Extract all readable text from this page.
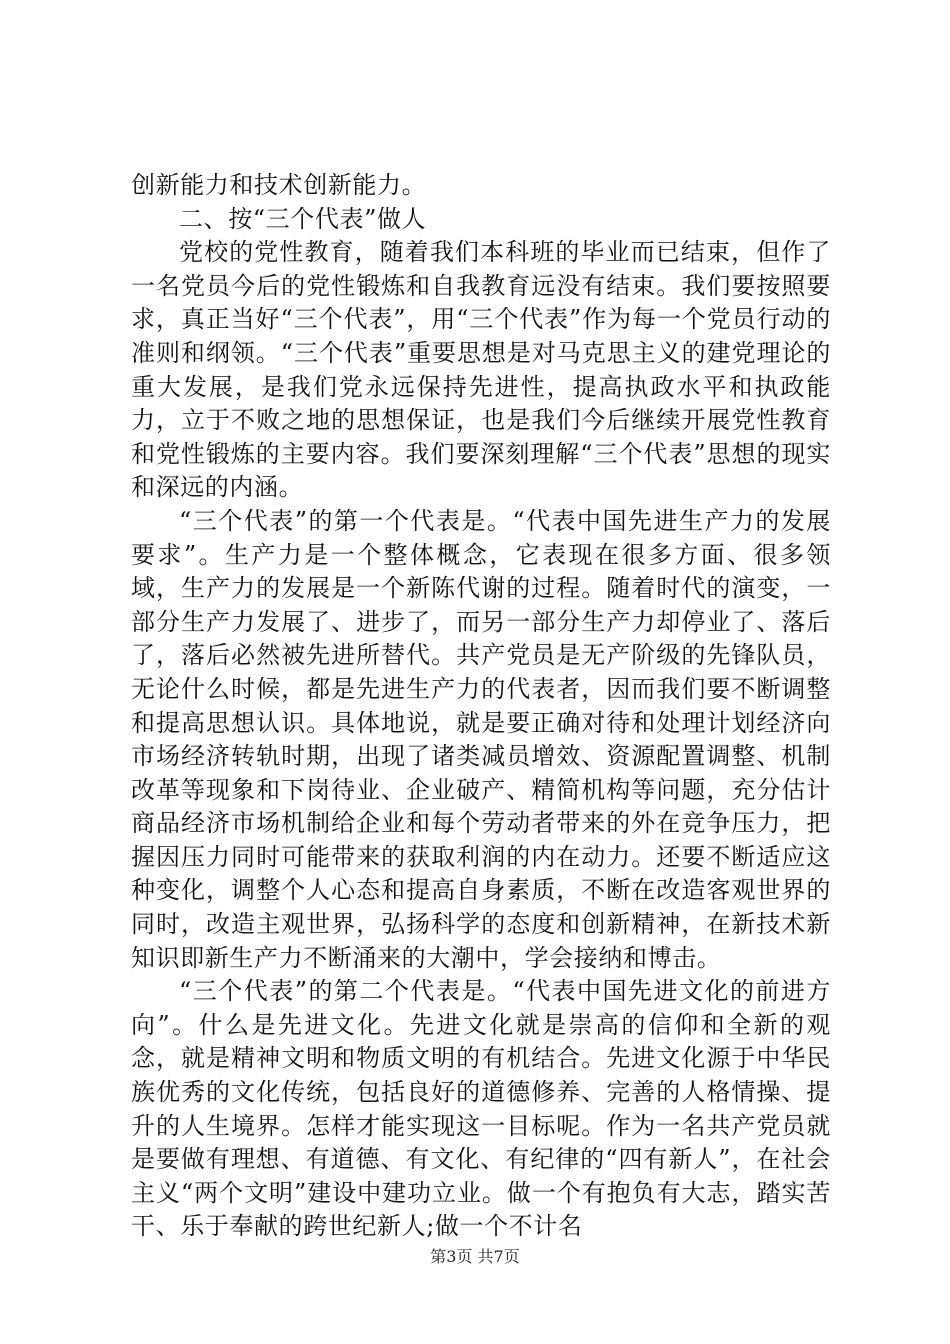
创新能力和技术创新能力。

二、按“三个代表”做人

党校的党性教育，随着我们本科班的毕业而已结束，但作了一名党员今后的党性锻炼和自我教育远没有结束。我们要按照要求，真正当好“三个代表”，用“三个代表”作为每一个党员行动的准则和纲领。“三个代表”重要思想是对马克思主义的建党理论的重大发展，是我们党永远保持先进性，提高执政水平和执政能力，立于不败之地的思想保证，也是我们今后继续开展党性教育和党性锻炼的主要内容。我们要深刻理解“三个代表”思想的现实和深远的内涵。

“三个代表”的第一个代表是。“代表中国先进生产力的发展要求”。生产力是一个整体概念，它表现在很多方面、很多领域，生产力的发展是一个新陈代谢的过程。随着时代的演变，一部分生产力发展了、进步了，而另一部分生产力却停业了、落后了，落后必然被先进所替代。共产党员是无产阶级的先锋队员，无论什么时候，都是先进生产力的代表者，因而我们要不断调整和提高思想认识。具体地说，就是要正确对待和处理计划经济向市场经济转轨时期，出现了诸类减员增效、资源配置调整、机制改革等现象和下岗待业、企业破产、精简机构等问题，充分估计商品经济市场机制给企业和每个劳动者带来的外在竞争压力，把握因压力同时可能带来的获取利润的内在动力。还要不断适应这种变化，调整个人心态和提高自身素质，不断在改造客观世界的同时，改造主观世界，弘扬科学的态度和创新精神，在新技术新知识即新生产力不断涌来的大潮中，学会接纳和博击。

“三个代表”的第二个代表是。“代表中国先进文化的前进方向”。什么是先进文化。先进文化就是崇高的信仰和全新的观念，就是精神文明和物质文明的有机结合。先进文化源于中华民族优秀的文化传统，包括良好的道德修养、完善的人格情操、提升的人生境界。怎样才能实现这一目标呢。作为一名共产党员就是要做有理想、有道德、有文化、有纪律的“四有新人”，在社会主义“两个文明”建设中建功立业。做一个有抱负有大志，踏实苦干、乐于奉献的跨世纪新人;做一个不计名

第3页 共7页
